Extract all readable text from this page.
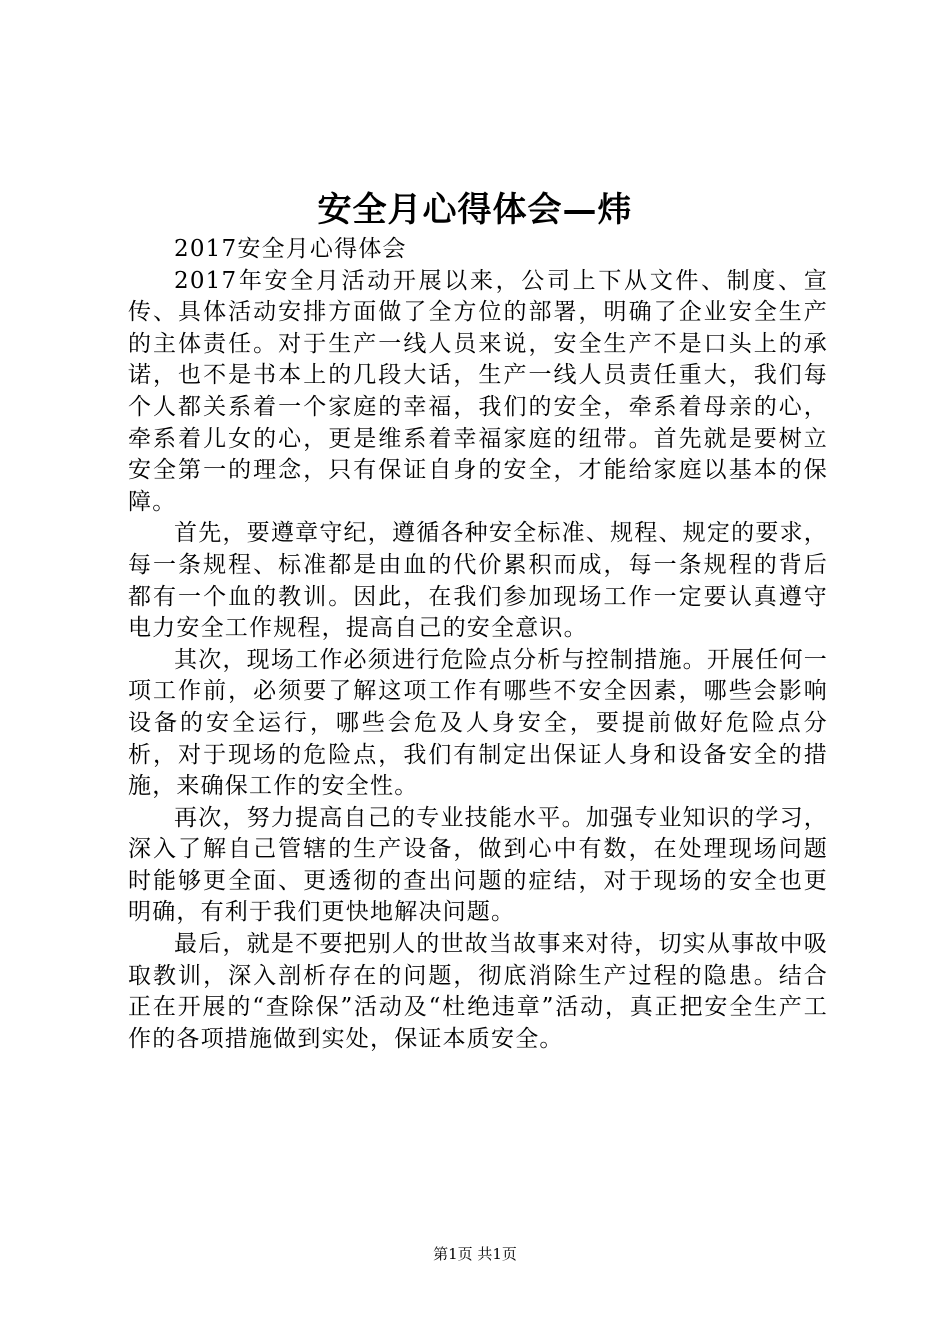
安全月心得体会—炜

2017安全月心得体会

2017年安全月活动开展以来，公司上下从文件、制度、宣传、具体活动安排方面做了全方位的部署，明确了企业安全生产的主体责任。对于生产一线人员来说，安全生产不是口头上的承诺，也不是书本上的几段大话，生产一线人员责任重大，我们每个人都关系着一个家庭的幸福，我们的安全，牵系着母亲的心，牵系着儿女的心，更是维系着幸福家庭的纽带。首先就是要树立安全第一的理念，只有保证自身的安全，才能给家庭以基本的保障。

首先，要遵章守纪，遵循各种安全标准、规程、规定的要求，每一条规程、标准都是由血的代价累积而成，每一条规程的背后都有一个血的教训。因此，在我们参加现场工作一定要认真遵守电力安全工作规程，提高自己的安全意识。

其次，现场工作必须进行危险点分析与控制措施。开展任何一项工作前，必须要了解这项工作有哪些不安全因素，哪些会影响设备的安全运行，哪些会危及人身安全，要提前做好危险点分析，对于现场的危险点，我们有制定出保证人身和设备安全的措施，来确保工作的安全性。

再次，努力提高自己的专业技能水平。加强专业知识的学习，深入了解自己管辖的生产设备，做到心中有数，在处理现场问题时能够更全面、更透彻的查出问题的症结，对于现场的安全也更明确，有利于我们更快地解决问题。

最后，就是不要把别人的世故当故事来对待，切实从事故中吸取教训，深入剖析存在的问题，彻底消除生产过程的隐患。结合正在开展的“查除保”活动及“杜绝违章”活动，真正把安全生产工作的各项措施做到实处，保证本质安全。

第1页 共1页
